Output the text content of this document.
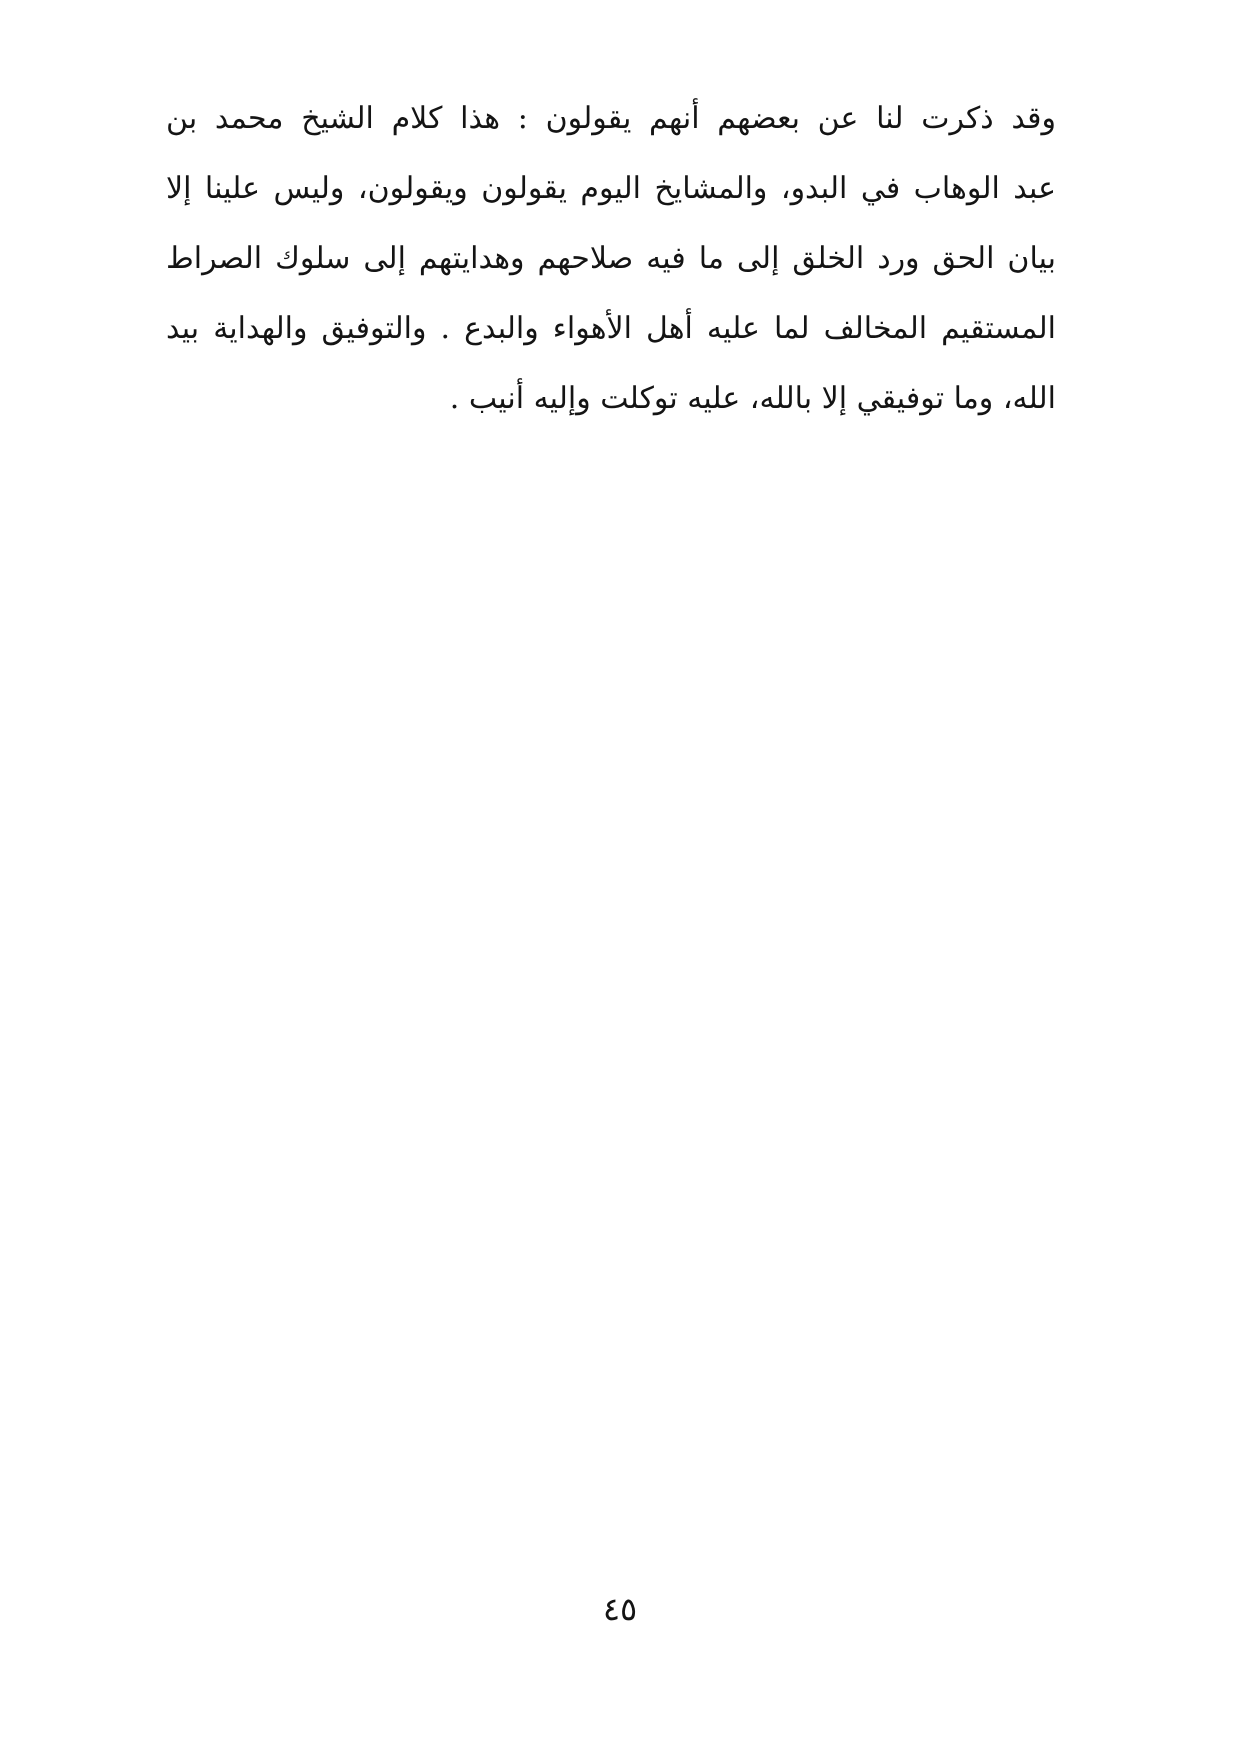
وقد ذكرت لنا عن بعضهم أنهم يقولون : هذا كلام الشيخ محمد بن
عبد الوهاب في البدو، والمشايخ اليوم يقولون ويقولون، وليس علينا إلا
بيان الحق ورد الخلق إلى ما فيه صلاحهم وهدايتهم إلى سلوك الصراط
المستقيم المخالف لما عليه أهل الأهواء والبدع . والتوفيق والهداية بيد
الله، وما توفيقي إلا بالله، عليه توكلت وإليه أنيب .
٤٥
